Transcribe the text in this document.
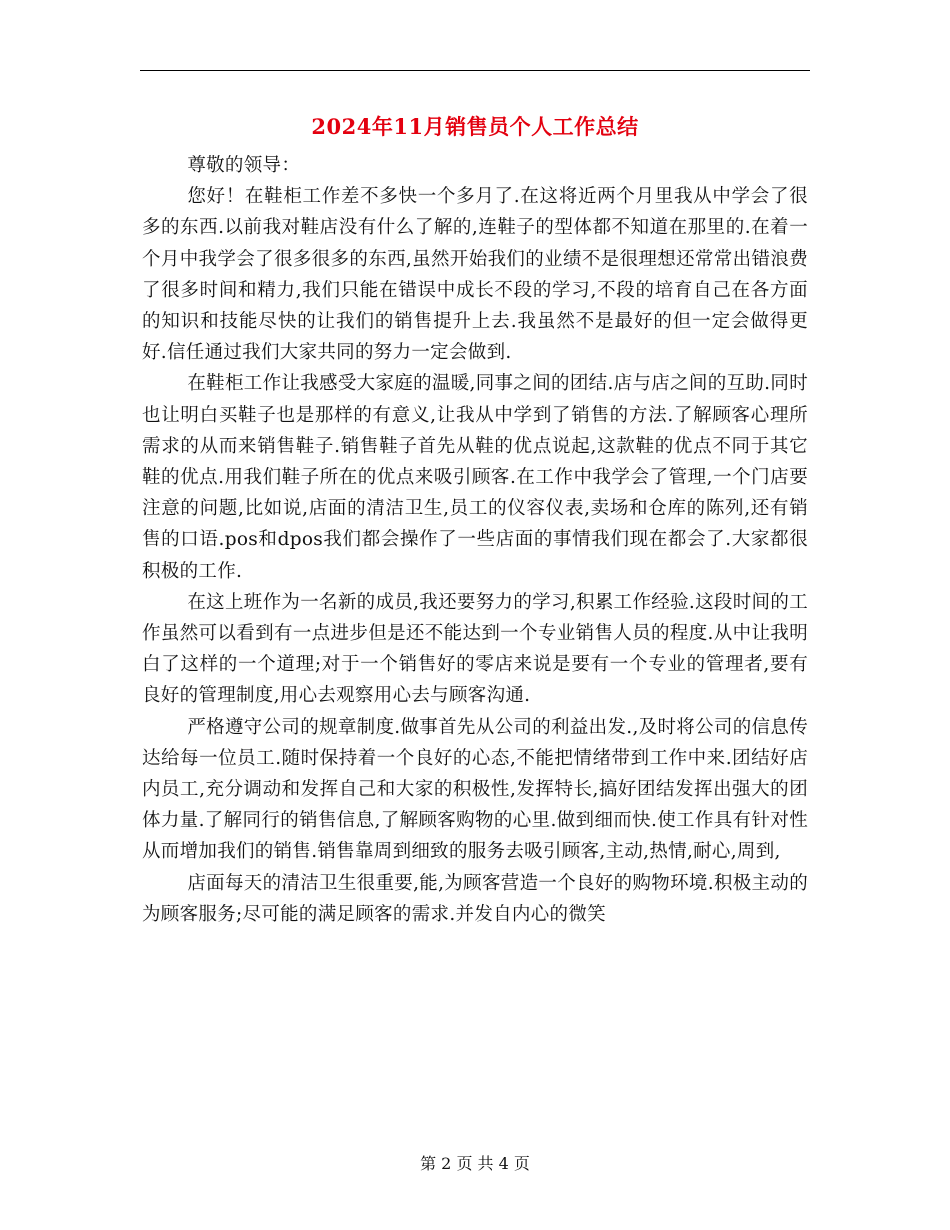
2024年11月销售员个人工作总结

尊敬的领导：

您好！在鞋柜工作差不多快一个多月了.在这将近两个月里我从中学会了很多的东西.以前我对鞋店没有什么了解的,连鞋子的型体都不知道在那里的.在着一个月中我学会了很多很多的东西,虽然开始我们的业绩不是很理想还常常出错浪费了很多时间和精力,我们只能在错误中成长不段的学习,不段的培育自己在各方面的知识和技能尽快的让我们的销售提升上去.我虽然不是最好的但一定会做得更好.信任通过我们大家共同的努力一定会做到.

在鞋柜工作让我感受大家庭的温暖,同事之间的团结.店与店之间的互助.同时也让明白买鞋子也是那样的有意义,让我从中学到了销售的方法.了解顾客心理所需求的从而来销售鞋子.销售鞋子首先从鞋的优点说起,这款鞋的优点不同于其它鞋的优点.用我们鞋子所在的优点来吸引顾客.在工作中我学会了管理,一个门店要注意的问题,比如说,店面的清洁卫生,员工的仪容仪表,卖场和仓库的陈列,还有销售的口语.pos和dpos我们都会操作了一些店面的事情我们现在都会了.大家都很积极的工作.

在这上班作为一名新的成员,我还要努力的学习,积累工作经验.这段时间的工作虽然可以看到有一点进步但是还不能达到一个专业销售人员的程度.从中让我明白了这样的一个道理;对于一个销售好的零店来说是要有一个专业的管理者,要有良好的管理制度,用心去观察用心去与顾客沟通.

严格遵守公司的规章制度.做事首先从公司的利益出发.,及时将公司的信息传达给每一位员工.随时保持着一个良好的心态,不能把情绪带到工作中来.团结好店内员工,充分调动和发挥自己和大家的积极性,发挥特长,搞好团结发挥出强大的团体力量.了解同行的销售信息,了解顾客购物的心里.做到细而快.使工作具有针对性从而增加我们的销售.销售靠周到细致的服务去吸引顾客,主动,热情,耐心,周到,

店面每天的清洁卫生很重要,能,为顾客营造一个良好的购物环境.积极主动的为顾客服务;尽可能的满足顾客的需求.并发自内心的微笑

第 2 页 共 4 页
